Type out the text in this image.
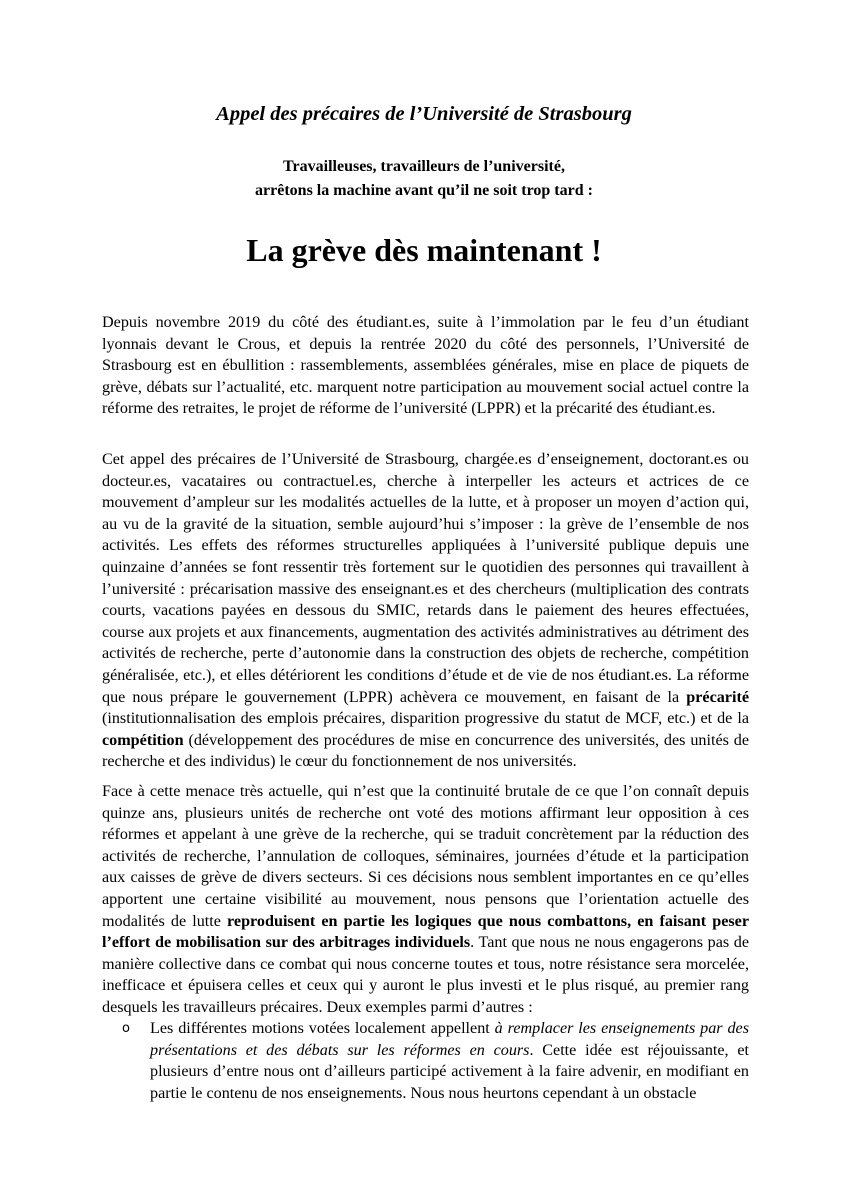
Appel des précaires de l’Université de Strasbourg
Travailleuses, travailleurs de l’université,
arrêtons la machine avant qu’il ne soit trop tard :
La grève dès maintenant !

Depuis novembre 2019 du côté des étudiant.es, suite à l’immolation par le feu d’un étudiant lyonnais devant le Crous, et depuis la rentrée 2020 du côté des personnels, l’Université de Strasbourg est en ébullition : rassemblements, assemblées générales, mise en place de piquets de grève, débats sur l’actualité, etc. marquent notre participation au mouvement social actuel contre la réforme des retraites, le projet de réforme de l’université (LPPR) et la précarité des étudiant.es.

Cet appel des précaires de l’Université de Strasbourg, chargée.es d’enseignement, doctorant.es ou docteur.es, vacataires ou contractuel.es, cherche à interpeller les acteurs et actrices de ce mouvement d’ampleur sur les modalités actuelles de la lutte, et à proposer un moyen d’action qui, au vu de la gravité de la situation, semble aujourd’hui s’imposer : la grève de l’ensemble de nos activités. Les effets des réformes structurelles appliquées à l’université publique depuis une quinzaine d’années se font ressentir très fortement sur le quotidien des personnes qui travaillent à l’université : précarisation massive des enseignant.es et des chercheurs (multiplication des contrats courts, vacations payées en dessous du SMIC, retards dans le paiement des heures effectuées, course aux projets et aux financements, augmentation des activités administratives au détriment des activités de recherche, perte d’autonomie dans la construction des objets de recherche, compétition généralisée, etc.), et elles détériorent les conditions d’étude et de vie de nos étudiant.es. La réforme que nous prépare le gouvernement (LPPR) achèvera ce mouvement, en faisant de la précarité (institutionnalisation des emplois précaires, disparition progressive du statut de MCF, etc.) et de la compétition (développement des procédures de mise en concurrence des universités, des unités de recherche et des individus) le cœur du fonctionnement de nos universités.

Face à cette menace très actuelle, qui n’est que la continuité brutale de ce que l’on connaît depuis quinze ans, plusieurs unités de recherche ont voté des motions affirmant leur opposition à ces réformes et appelant à une grève de la recherche, qui se traduit concrètement par la réduction des activités de recherche, l’annulation de colloques, séminaires, journées d’étude et la participation aux caisses de grève de divers secteurs. Si ces décisions nous semblent importantes en ce qu’elles apportent une certaine visibilité au mouvement, nous pensons que l’orientation actuelle des modalités de lutte reproduisent en partie les logiques que nous combattons, en faisant peser l’effort de mobilisation sur des arbitrages individuels. Tant que nous ne nous engagerons pas de manière collective dans ce combat qui nous concerne toutes et tous, notre résistance sera morcelée, inefficace et épuisera celles et ceux qui y auront le plus investi et le plus risqué, au premier rang desquels les travailleurs précaires. Deux exemples parmi d’autres :

o Les différentes motions votées localement appellent à remplacer les enseignements par des présentations et des débats sur les réformes en cours. Cette idée est réjouissante, et plusieurs d’entre nous ont d’ailleurs participé activement à la faire advenir, en modifiant en partie le contenu de nos enseignements. Nous nous heurtons cependant à un obstacle
